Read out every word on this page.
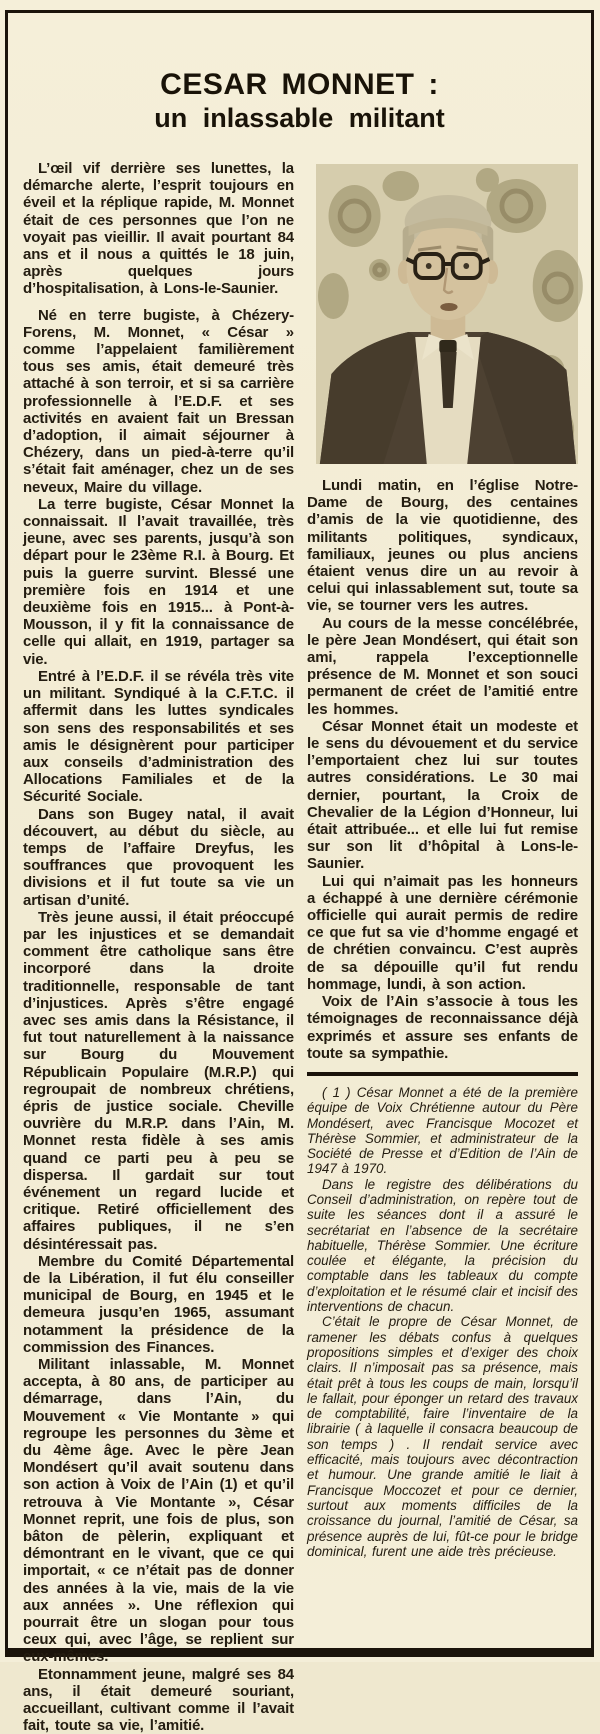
CESAR MONNET :
un inlassable militant

L’œil vif derrière ses lunettes, la démarche alerte, l’esprit toujours en éveil et la réplique rapide, M. Monnet était de ces personnes que l’on ne voyait pas vieillir. Il avait pourtant 84 ans et il nous a quittés le 18 juin, après quelques jours d’hospitalisation, à Lons-le-Saunier.

Né en terre bugiste, à Chézery-Forens, M. Monnet, « César » comme l’appelaient familièrement tous ses amis, était demeuré très attaché à son terroir, et si sa carrière professionnelle à l’E.D.F. et ses activités en avaient fait un Bressan d’adoption, il aimait séjourner à Chézery, dans un pied-à-terre qu’il s’était fait aménager, chez un de ses neveux, Maire du village.

La terre bugiste, César Monnet la connaissait. Il l’avait travaillée, très jeune, avec ses parents, jusqu’à son départ pour le 23ème R.I. à Bourg. Et puis la guerre survint. Blessé une première fois en 1914 et une deuxième fois en 1915... à Pont-à-Mousson, il y fit la connaissance de celle qui allait, en 1919, partager sa vie.

Entré à l’E.D.F. il se révéla très vite un militant. Syndiqué à la C.F.T.C. il affermit dans les luttes syndicales son sens des responsabilités et ses amis le désignèrent pour participer aux conseils d’administration des Allocations Familiales et de la Sécurité Sociale.

Dans son Bugey natal, il avait découvert, au début du siècle, au temps de l’affaire Dreyfus, les souffrances que provoquent les divisions et il fut toute sa vie un artisan d’unité.

Très jeune aussi, il était préoccupé par les injustices et se demandait comment être catholique sans être incorporé dans la droite traditionnelle, responsable de tant d’injustices. Après s’être engagé avec ses amis dans la Résistance, il fut tout naturellement à la naissance sur Bourg du Mouvement Républicain Populaire (M.R.P.) qui regroupait de nombreux chrétiens, épris de justice sociale. Cheville ouvrière du M.R.P. dans l’Ain, M. Monnet resta fidèle à ses amis quand ce parti peu à peu se dispersa. Il gardait sur tout événement un regard lucide et critique. Retiré officiellement des affaires publiques, il ne s’en désintéressait pas.

Membre du Comité Départemental de la Libération, il fut élu conseiller municipal de Bourg, en 1945 et le demeura jusqu’en 1965, assumant notamment la présidence de la commission des Finances.

Militant inlassable, M. Monnet accepta, à 80 ans, de participer au démarrage, dans l’Ain, du Mouvement « Vie Montante » qui regroupe les personnes du 3ème et du 4ème âge. Avec le père Jean Mondésert qu’il avait soutenu dans son action à Voix de l’Ain (1) et qu’il retrouva à Vie Montante », César Monnet reprit, une fois de plus, son bâton de pèlerin, expliquant et démontrant en le vivant, que ce qui importait, « ce n’était pas de donner des années à la vie, mais de la vie aux années ». Une réflexion qui pourrait être un slogan pour tous ceux qui, avec l’âge, se replient sur eux-mêmes.

Etonnamment jeune, malgré ses 84 ans, il était demeuré souriant, accueillant, cultivant comme il l’avait fait, toute sa vie, l’amitié.

Lundi matin, en l’église Notre-Dame de Bourg, des centaines d’amis de la vie quotidienne, des militants politiques, syndicaux, familiaux, jeunes ou plus anciens étaient venus dire un au revoir à celui qui inlassablement sut, toute sa vie, se tourner vers les autres.

Au cours de la messe concélébrée, le père Jean Mondésert, qui était son ami, rappela l’exceptionnelle présence de M. Monnet et son souci permanent de créet de l’amitié entre les hommes.

César Monnet était un modeste et le sens du dévouement et du service l’emportaient chez lui sur toutes autres considérations. Le 30 mai dernier, pourtant, la Croix de Chevalier de la Légion d’Honneur, lui était attribuée... et elle lui fut remise sur son lit d’hôpital à Lons-le-Saunier.

Lui qui n’aimait pas les honneurs a échappé à une dernière cérémonie officielle qui aurait permis de redire ce que fut sa vie d’homme engagé et de chrétien convaincu. C’est auprès de sa dépouille qu’il fut rendu hommage, lundi, à son action.

Voix de l’Ain s’associe à tous les témoignages de reconnaissance déjà exprimés et assure ses enfants de toute sa sympathie.

( 1 ) César Monnet a été de la première équipe de Voix Chrétienne autour du Père Mondésert, avec Francisque Mocozet et Thérèse Sommier, et administrateur de la Société de Presse et d’Edition de l’Ain de 1947 à 1970.

Dans le registre des délibérations du Conseil d’administration, on repère tout de suite les séances dont il a assuré le secrétariat en l’absence de la secrétaire habituelle, Thérèse Sommier. Une écriture coulée et élégante, la précision du comptable dans les tableaux du compte d’exploitation et le résumé clair et incisif des interventions de chacun.

C’était le propre de César Monnet, de ramener les débats confus à quelques propositions simples et d’exiger des choix clairs. Il n’imposait pas sa présence, mais était prêt à tous les coups de main, lorsqu’il le fallait, pour éponger un retard des travaux de comptabilité, faire l’inventaire de la librairie ( à laquelle il consacra beaucoup de son temps ) . Il rendait service avec efficacité, mais toujours avec décontraction et humour. Une grande amitié le liait à Francisque Moccozet et pour ce dernier, surtout aux moments difficiles de la croissance du journal, l’amitié de César, sa présence auprès de lui, fût-ce pour le bridge dominical, furent une aide très précieuse.
